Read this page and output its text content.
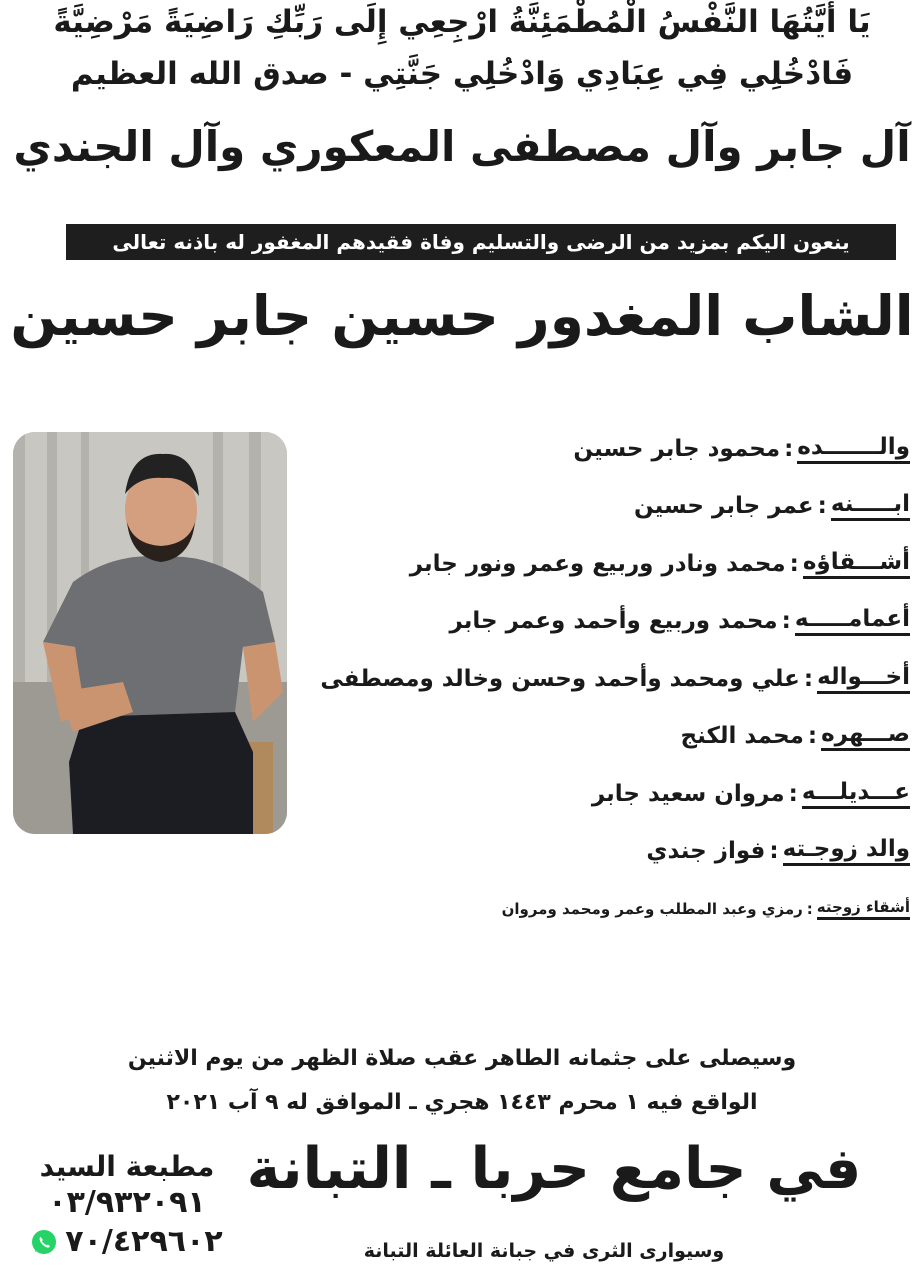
يَا أَيَّتُهَا النَّفْسُ الْمُطْمَئِنَّةُ ارْجِعِي إِلَى رَبِّكِ رَاضِيَةً مَرْضِيَّةً
فَادْخُلِي فِي عِبَادِي وَادْخُلِي جَنَّتِي - صدق الله العظيم
آل جابر وآل مصطفى المعكوري وآل الجندي
ينعون اليكم بمزيد من الرضى والتسليم وفاة فقيدهم المغفور له باذنه تعالى
الشاب المغدور حسين جابر حسين
والـــــــده
:
محمود جابر حسين
ابـــــنه
:
عمر جابر حسين
أشـــقاؤه
:
محمد ونادر وربيع وعمر ونور جابر
أعمامـــــه
:
محمد وربيع وأحمد وعمر جابر
أخـــواله
:
علي ومحمد وأحمد وحسن وخالد ومصطفى
صـــهره
:
محمد الكنج
عـــديلـــه
:
مروان سعيد جابر
والد زوجـته
:
فواز جندي
أشقاء زوجته
:
رمزي وعبد المطلب وعمر ومحمد ومروان
وسيصلى على جثمانه الطاهر عقب صلاة الظهر من يوم الاثنين
الواقع فيه ١ محرم ١٤٤٣ هجري ـ الموافق له ٩ آب ٢٠٢١
في جامع حربا ـ التبانة
وسيوارى الثرى في جبانة العائلة التبانة
مطبعة السيد
٠٣/٩٣٢٠٩١
٧٠/٤٢٩٦٠٢
